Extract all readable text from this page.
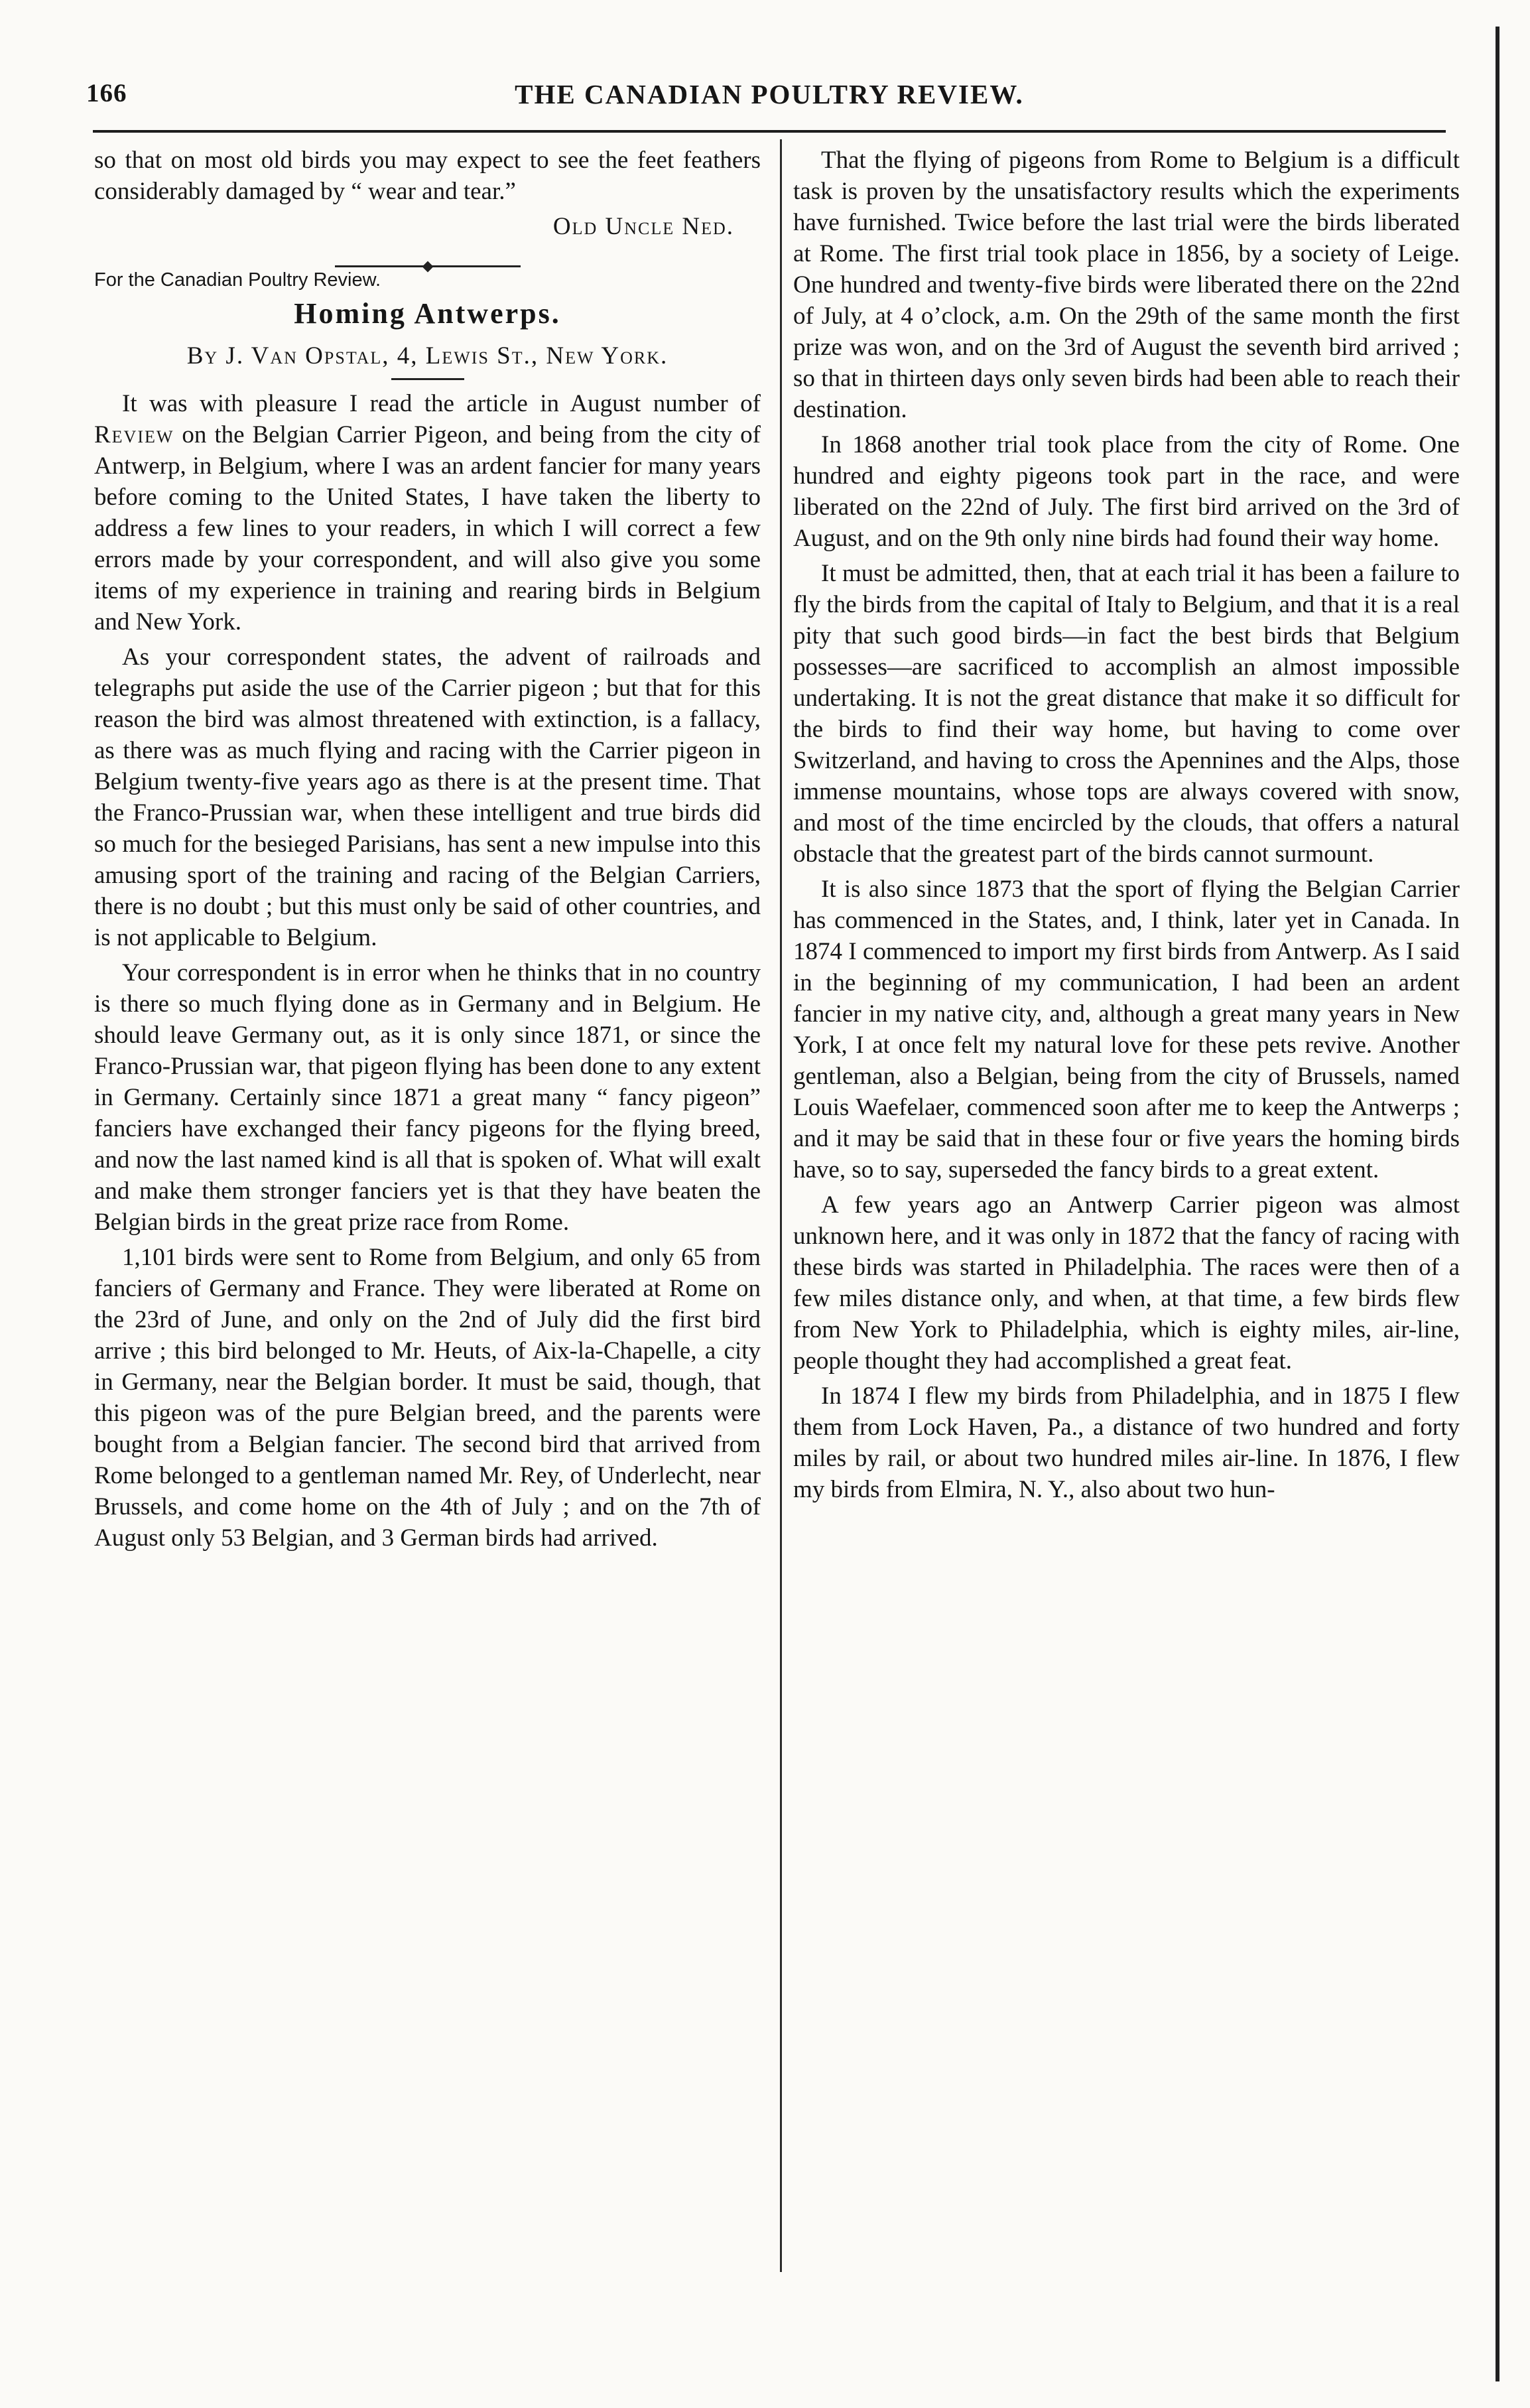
166	THE CANADIAN POULTRY REVIEW.

so that on most old birds you may expect to see the feet feathers considerably damaged by “ wear and tear.”

Old Uncle Ned.

For the Canadian Poultry Review.

Homing Antwerps.
By J. Van Opstal, 4, Lewis St., New York.

It was with pleasure I read the article in August number of Review on the Belgian Carrier Pigeon, and being from the city of Antwerp, in Belgium, where I was an ardent fancier for many years before coming to the United States, I have taken the liberty to address a few lines to your readers, in which I will correct a few errors made by your correspondent, and will also give you some items of my experience in training and rearing birds in Belgium and New York.

As your correspondent states, the advent of railroads and telegraphs put aside the use of the Carrier pigeon ; but that for this reason the bird was almost threatened with extinction, is a fallacy, as there was as much flying and racing with the Carrier pigeon in Belgium twenty-five years ago as there is at the present time. That the Franco-Prussian war, when these intelligent and true birds did so much for the besieged Parisians, has sent a new impulse into this amusing sport of the training and racing of the Belgian Carriers, there is no doubt ; but this must only be said of other countries, and is not applicable to Belgium.

Your correspondent is in error when he thinks that in no country is there so much flying done as in Germany and in Belgium. He should leave Germany out, as it is only since 1871, or since the Franco-Prussian war, that pigeon flying has been done to any extent in Germany. Certainly since 1871 a great many “ fancy pigeon” fanciers have exchanged their fancy pigeons for the flying breed, and now the last named kind is all that is spoken of. What will exalt and make them stronger fanciers yet is that they have beaten the Belgian birds in the great prize race from Rome.

1,101 birds were sent to Rome from Belgium, and only 65 from fanciers of Germany and France. They were liberated at Rome on the 23rd of June, and only on the 2nd of July did the first bird arrive ; this bird belonged to Mr. Heuts, of Aix-la-Chapelle, a city in Germany, near the Belgian border. It must be said, though, that this pigeon was of the pure Belgian breed, and the parents were bought from a Belgian fancier. The second bird that arrived from Rome belonged to a gentleman named Mr. Rey, of Underlecht, near Brussels, and come home on the 4th of July ; and on the 7th of August only 53 Belgian, and 3 German birds had arrived.

That the flying of pigeons from Rome to Belgium is a difficult task is proven by the unsatisfactory results which the experiments have furnished. Twice before the last trial were the birds liberated at Rome. The first trial took place in 1856, by a society of Leige. One hundred and twenty-five birds were liberated there on the 22nd of July, at 4 o’clock, a.m. On the 29th of the same month the first prize was won, and on the 3rd of August the seventh bird arrived ; so that in thirteen days only seven birds had been able to reach their destination.

In 1868 another trial took place from the city of Rome. One hundred and eighty pigeons took part in the race, and were liberated on the 22nd of July. The first bird arrived on the 3rd of August, and on the 9th only nine birds had found their way home.

It must be admitted, then, that at each trial it has been a failure to fly the birds from the capital of Italy to Belgium, and that it is a real pity that such good birds—in fact the best birds that Belgium possesses—are sacrificed to accomplish an almost impossible undertaking. It is not the great distance that make it so difficult for the birds to find their way home, but having to come over Switzerland, and having to cross the Apennines and the Alps, those immense mountains, whose tops are always covered with snow, and most of the time encircled by the clouds, that offers a natural obstacle that the greatest part of the birds cannot surmount.

It is also since 1873 that the sport of flying the Belgian Carrier has commenced in the States, and, I think, later yet in Canada. In 1874 I commenced to import my first birds from Antwerp. As I said in the beginning of my communication, I had been an ardent fancier in my native city, and, although a great many years in New York, I at once felt my natural love for these pets revive. Another gentleman, also a Belgian, being from the city of Brussels, named Louis Waefelaer, commenced soon after me to keep the Antwerps ; and it may be said that in these four or five years the homing birds have, so to say, superseded the fancy birds to a great extent.

A few years ago an Antwerp Carrier pigeon was almost unknown here, and it was only in 1872 that the fancy of racing with these birds was started in Philadelphia. The races were then of a few miles distance only, and when, at that time, a few birds flew from New York to Philadelphia, which is eighty miles, air-line, people thought they had accomplished a great feat.

In 1874 I flew my birds from Philadelphia, and in 1875 I flew them from Lock Haven, Pa., a distance of two hundred and forty miles by rail, or about two hundred miles air-line. In 1876, I flew my birds from Elmira, N. Y., also about two hun-
